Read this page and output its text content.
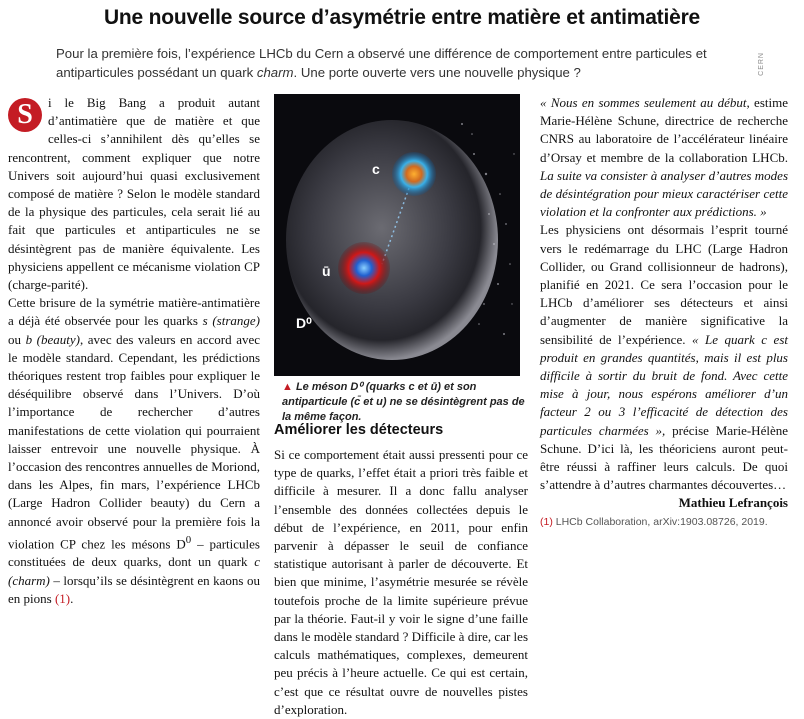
Une nouvelle source d’asymétrie entre matière et antimatière
Pour la première fois, l’expérience LHCb du Cern a observé une différence de comportement entre particules et antiparticules possédant un quark charm. Une porte ouverte vers une nouvelle physique ?	CERN
S	i le Big Bang a produit autant d’antimatière que de matière et que celles-ci s’annihilent dès qu’elles se rencontrent, comment expliquer que notre Univers soit aujourd’hui quasi exclusivement composé de matière ? Selon le modèle standard de la physique des particules, cela serait lié au fait que particules et antiparticules ne se désintègrent pas de manière équivalente. Les physiciens appellent ce mécanisme violation CP (charge-parité).

Cette brisure de la symétrie matière-antimatière a déjà été observée pour les quarks s (strange) ou b (beauty), avec des valeurs en accord avec le modèle standard. Cependant, les prédictions théoriques restent trop faibles pour expliquer le déséquilibre observé dans l’Univers. D’où l’importance de rechercher d’autres manifestations de cette violation qui pourraient laisser entrevoir une nouvelle physique. À l’occasion des rencontres annuelles de Moriond, dans les Alpes, fin mars, l’expérience LHCb (Large Hadron Collider beauty) du Cern a annoncé avoir observé pour la première fois la violation CP chez les mésons $D^0$ – particules constituées de deux quarks, dont un quark c (charm) – lorsqu’ils se désintègrent en kaons ou en pions (1).

c
ū
D⁰
▲ Le méson D⁰ (quarks c et ū) et son antiparticule (c̄ et u) ne se désintègrent pas de la même façon.
Améliorer les détecteurs

Si ce comportement était aussi pressenti pour ce type de quarks, l’effet était a priori très faible et difficile à mesurer. Il a donc fallu analyser l’ensemble des données collectées depuis le début de l’expérience, en 2011, pour enfin parvenir à dépasser le seuil de confiance statistique autorisant à parler de découverte. Et bien que minime, l’asymétrie mesurée se révèle toutefois proche de la limite supérieure prévue par la théorie. Faut-il y voir le signe d’une faille dans le modèle standard ? Difficile à dire, car les calculs mathématiques, complexes, demeurent peu précis à l’heure actuelle. Ce qui est certain, c’est que ce résultat ouvre de nouvelles pistes d’exploration.

« Nous en sommes seulement au début, estime Marie-Hélène Schune, directrice de recherche CNRS au laboratoire de l’accélérateur linéaire d’Orsay et membre de la collaboration LHCb. La suite va consister à analyser d’autres modes de désintégration pour mieux caractériser cette violation et la confronter aux prédictions. »

Les physiciens ont désormais l’esprit tourné vers le redémarrage du LHC (Large Hadron Collider, ou Grand collisionneur de hadrons), planifié en 2021. Ce sera l’occasion pour le LHCb d’améliorer ses détecteurs et ainsi d’augmenter de manière significative la sensibilité de l’expérience. « Le quark c est produit en grandes quantités, mais il est plus difficile à sortir du bruit de fond. Avec cette mise à jour, nous espérons améliorer d’un facteur 2 ou 3 l’efficacité de détection des particules charmées », précise Marie-Hélène Schune. D’ici là, les théoriciens auront peut-être réussi à raffiner leurs calculs. De quoi s’attendre à d’autres charmantes découvertes…

Mathieu Lefrançois

(1) LHCb Collaboration, arXiv:1903.08726, 2019.
